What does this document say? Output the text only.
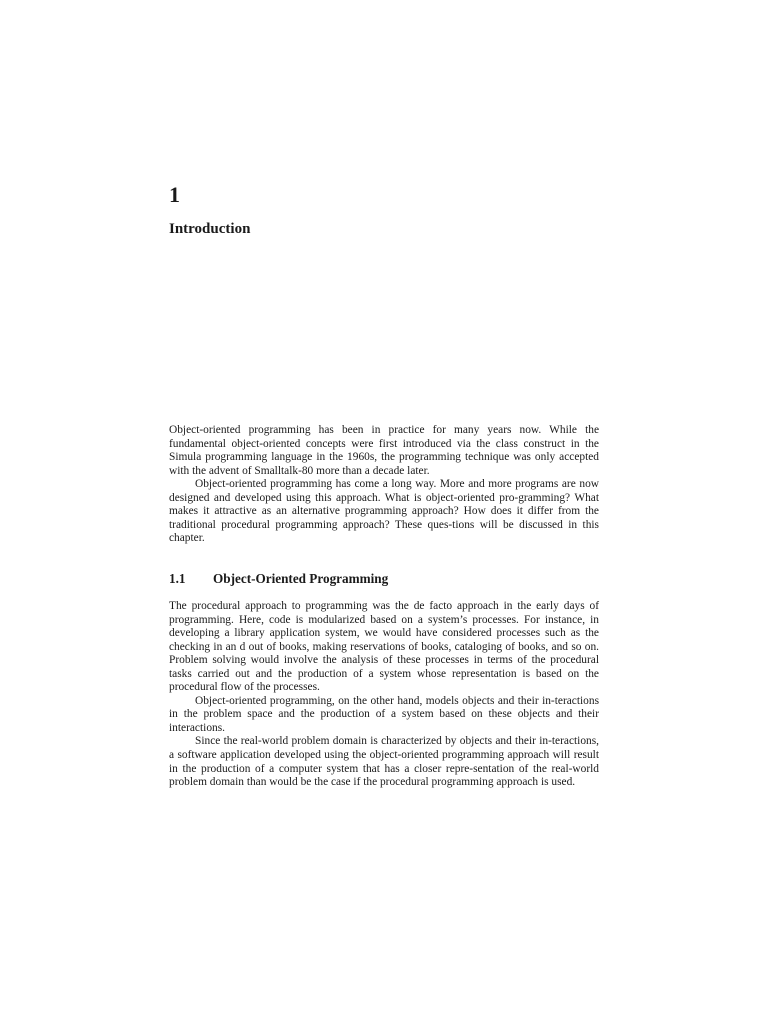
1
Introduction

Object-oriented programming has been in practice for many years now. While the fundamental object-oriented concepts were first introduced via the class construct in the Simula programming language in the 1960s, the programming technique was only accepted with the advent of Smalltalk-80 more than a decade later.

Object-oriented programming has come a long way. More and more programs are now designed and developed using this approach. What is object-oriented pro-gramming? What makes it attractive as an alternative programming approach? How does it differ from the traditional procedural programming approach? These ques-tions will be discussed in this chapter.

1.1 Object-Oriented Programming

The procedural approach to programming was the de facto approach in the early days of programming. Here, code is modularized based on a system’s processes. For instance, in developing a library application system, we would have considered processes such as the checking in an d out of books, making reservations of books, cataloging of books, and so on. Problem solving would involve the analysis of these processes in terms of the procedural tasks carried out and the production of a system whose representation is based on the procedural flow of the processes.

Object-oriented programming, on the other hand, models objects and their in-teractions in the problem space and the production of a system based on these objects and their interactions.

Since the real-world problem domain is characterized by objects and their in-teractions, a software application developed using the object-oriented programming approach will result in the production of a computer system that has a closer repre-sentation of the real-world problem domain than would be the case if the procedural programming approach is used.
